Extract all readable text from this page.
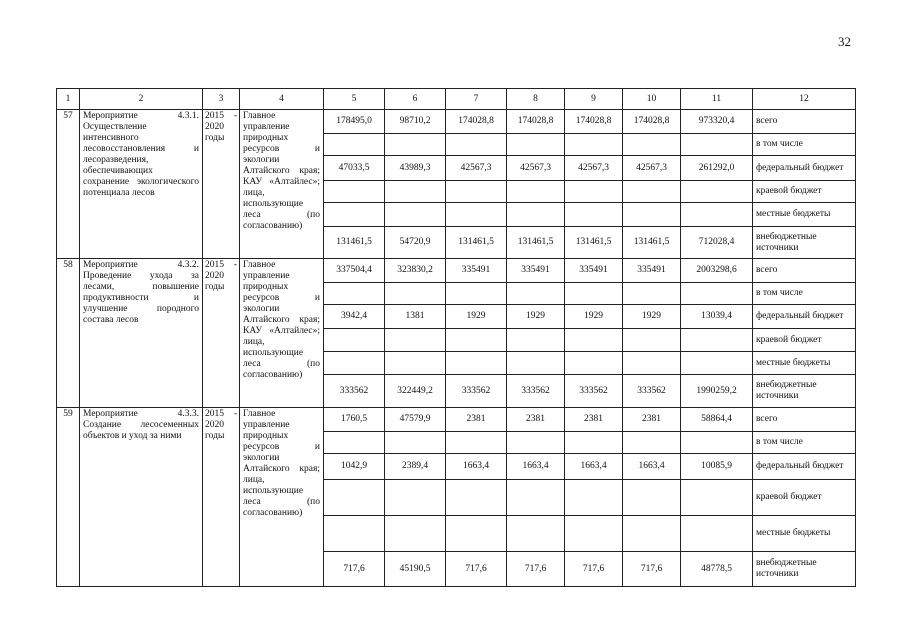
32
1	2	3	4	5	6	7	8	9	10	11	12
57	Мероприятие 4.3.1. Осуществление интенсивного лесовосстановления и лесоразведения, обеспечивающих сохранение экологического потенциала лесов	2015 -
2020
годы	Главное управление природных ресурсов и экологии Алтайского края; КАУ «Алтайлес»; лица, использующие леса (по согласованию)	178495,0	98710,2	174028,8	174028,8	174028,8	174028,8	973320,4	всего
											в том числе
				47033,5	43989,3	42567,3	42567,3	42567,3	42567,3	261292,0	федеральный бюджет
											краевой бюджет
											местные бюджеты
				131461,5	54720,9	131461,5	131461,5	131461,5	131461,5	712028,4	внебюджетные источники
58	Мероприятие 4.3.2. Проведение ухода за лесами, повышение продуктивности и улучшение породного состава лесов	2015 -
2020
годы	Главное управление природных ресурсов и экологии Алтайского края; КАУ «Алтайлес»; лица, использующие леса (по согласованию)	337504,4	323830,2	335491	335491	335491	335491	2003298,6	всего
											в том числе
				3942,4	1381	1929	1929	1929	1929	13039,4	федеральный бюджет
											краевой бюджет
											местные бюджеты
				333562	322449,2	333562	333562	333562	333562	1990259,2	внебюджетные источники
59	Мероприятие 4.3.3. Создание лесосеменных объектов и уход за ними	2015 -
2020
годы	Главное управление природных ресурсов и экологии Алтайского края; лица, использующие леса (по согласованию)	1760,5	47579,9	2381	2381	2381	2381	58864,4	всего
											в том числе
				1042,9	2389,4	1663,4	1663,4	1663,4	1663,4	10085,9	федеральный бюджет
											краевой бюджет
											местные бюджеты
				717,6	45190,5	717,6	717,6	717,6	717,6	48778,5	внебюджетные источники
